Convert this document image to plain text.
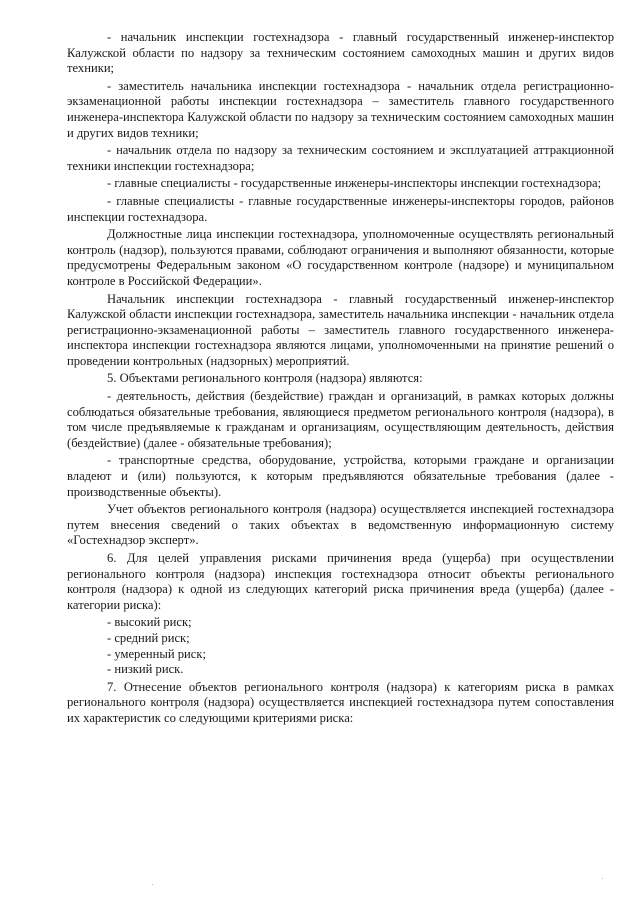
- начальник инспекции гостехнадзора - главный государственный инженер-инспектор Калужской области по надзору за техническим состоянием самоходных машин и других видов техники;

- заместитель начальника инспекции гостехнадзора - начальник отдела регистрационно-экзаменационной работы инспекции гостехнадзора – заместитель главного государственного инженера-инспектора Калужской области по надзору за техническим состоянием самоходных машин и других видов техники;

- начальник отдела по надзору за техническим состоянием и эксплуатацией аттракционной техники инспекции гостехнадзора;

- главные специалисты - государственные инженеры-инспекторы инспекции гостехнадзора;

- главные специалисты - главные государственные инженеры-инспекторы городов, районов инспекции гостехнадзора.

Должностные лица инспекции гостехнадзора, уполномоченные осуществлять региональный контроль (надзор), пользуются правами, соблюдают ограничения и выполняют обязанности, которые предусмотрены Федеральным законом «О государственном контроле (надзоре) и муниципальном контроле в Российской Федерации».

Начальник инспекции гостехнадзора - главный государственный инженер-инспектор Калужской области инспекции гостехнадзора, заместитель начальника инспекции - начальник отдела регистрационно-экзаменационной работы – заместитель главного государственного инженера-инспектора инспекции гостехнадзора являются лицами, уполномоченными на принятие решений о проведении контрольных (надзорных) мероприятий.

5. Объектами регионального контроля (надзора) являются:

- деятельность, действия (бездействие) граждан и организаций, в рамках которых должны соблюдаться обязательные требования, являющиеся предметом регионального контроля (надзора), в том числе предъявляемые к гражданам и организациям, осуществляющим деятельность, действия (бездействие) (далее - обязательные требования);

- транспортные средства, оборудование, устройства, которыми граждане и организации владеют и (или) пользуются, к которым предъявляются обязательные требования (далее - производственные объекты).

Учет объектов регионального контроля (надзора) осуществляется инспекцией гостехнадзора путем внесения сведений о таких объектах в ведомственную информационную систему «Гостехнадзор эксперт».

6. Для целей управления рисками причинения вреда (ущерба) при осуществлении регионального контроля (надзора) инспекция гостехнадзора относит объекты регионального контроля (надзора) к одной из следующих категорий риска причинения вреда (ущерба) (далее - категории риска):

- высокий риск;
- средний риск;
- умеренный риск;
- низкий риск.

7. Отнесение объектов регионального контроля (надзора) к категориям риска в рамках регионального контроля (надзора) осуществляется инспекцией гостехнадзора путем сопоставления их характеристик со следующими критериями риска:
